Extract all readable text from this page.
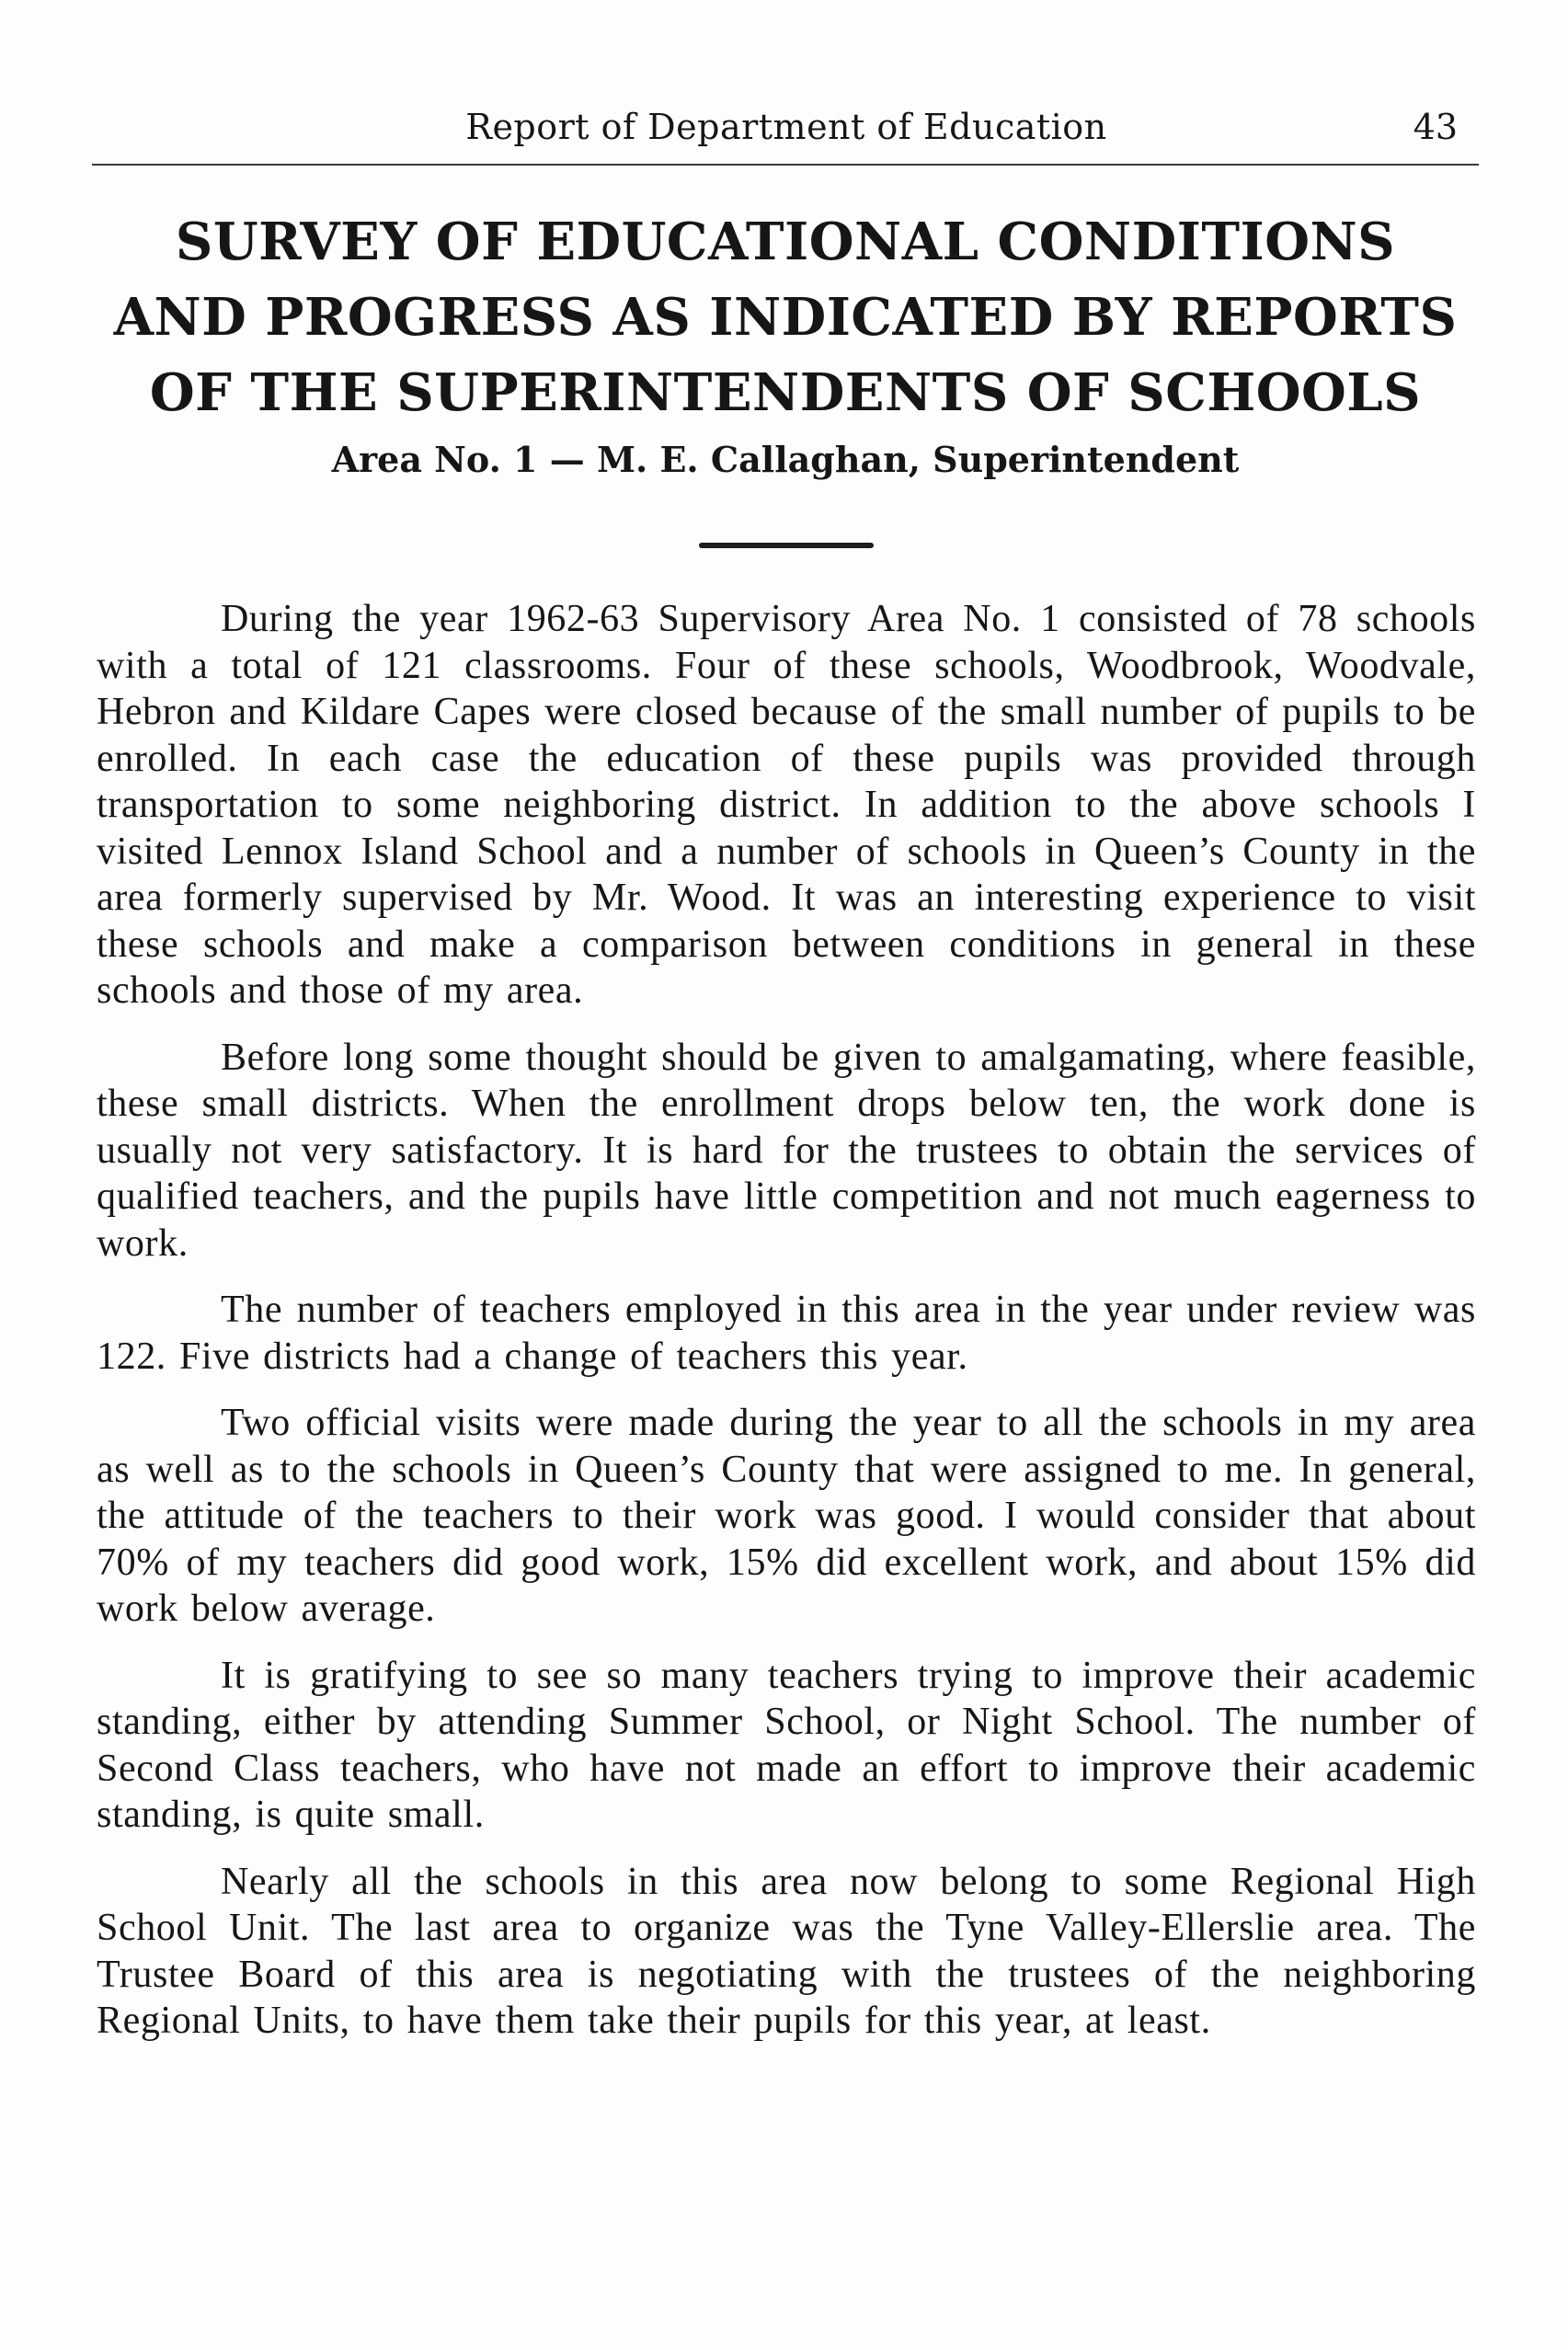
Report of Department of Education	43
SURVEY OF EDUCATIONAL CONDITIONS
AND PROGRESS AS INDICATED BY REPORTS
OF THE SUPERINTENDENTS OF SCHOOLS
Area No. 1 — M. E. Callaghan, Superintendent

During the year 1962-63 Supervisory Area No. 1 consisted of 78 schools with a total of 121 classrooms. Four of these schools, Woodbrook, Woodvale, Hebron and Kildare Capes were closed because of the small number of pupils to be enrolled. In each case the education of these pupils was provided through transportation to some neighboring district. In addition to the above schools I visited Lennox Island School and a number of schools in Queen’s County in the area formerly supervised by Mr. Wood. It was an interesting experience to visit these schools and make a comparison between conditions in general in these schools and those of my area.

Before long some thought should be given to amalgamating, where feasible, these small districts. When the enrollment drops below ten, the work done is usually not very satisfactory. It is hard for the trustees to obtain the services of qualified teachers, and the pupils have little competition and not much eagerness to work.

The number of teachers employed in this area in the year under review was 122. Five districts had a change of teachers this year.

Two official visits were made during the year to all the schools in my area as well as to the schools in Queen’s County that were assigned to me. In general, the attitude of the teachers to their work was good. I would consider that about 70% of my teachers did good work, 15% did excellent work, and about 15% did work below average.

It is gratifying to see so many teachers trying to improve their academic standing, either by attending Summer School, or Night School. The number of Second Class teachers, who have not made an effort to improve their academic standing, is quite small.

Nearly all the schools in this area now belong to some Regional High School Unit. The last area to organize was the Tyne Valley-Ellerslie area. The Trustee Board of this area is negotiating with the trustees of the neighboring Regional Units, to have them take their pupils for this year, at least.
